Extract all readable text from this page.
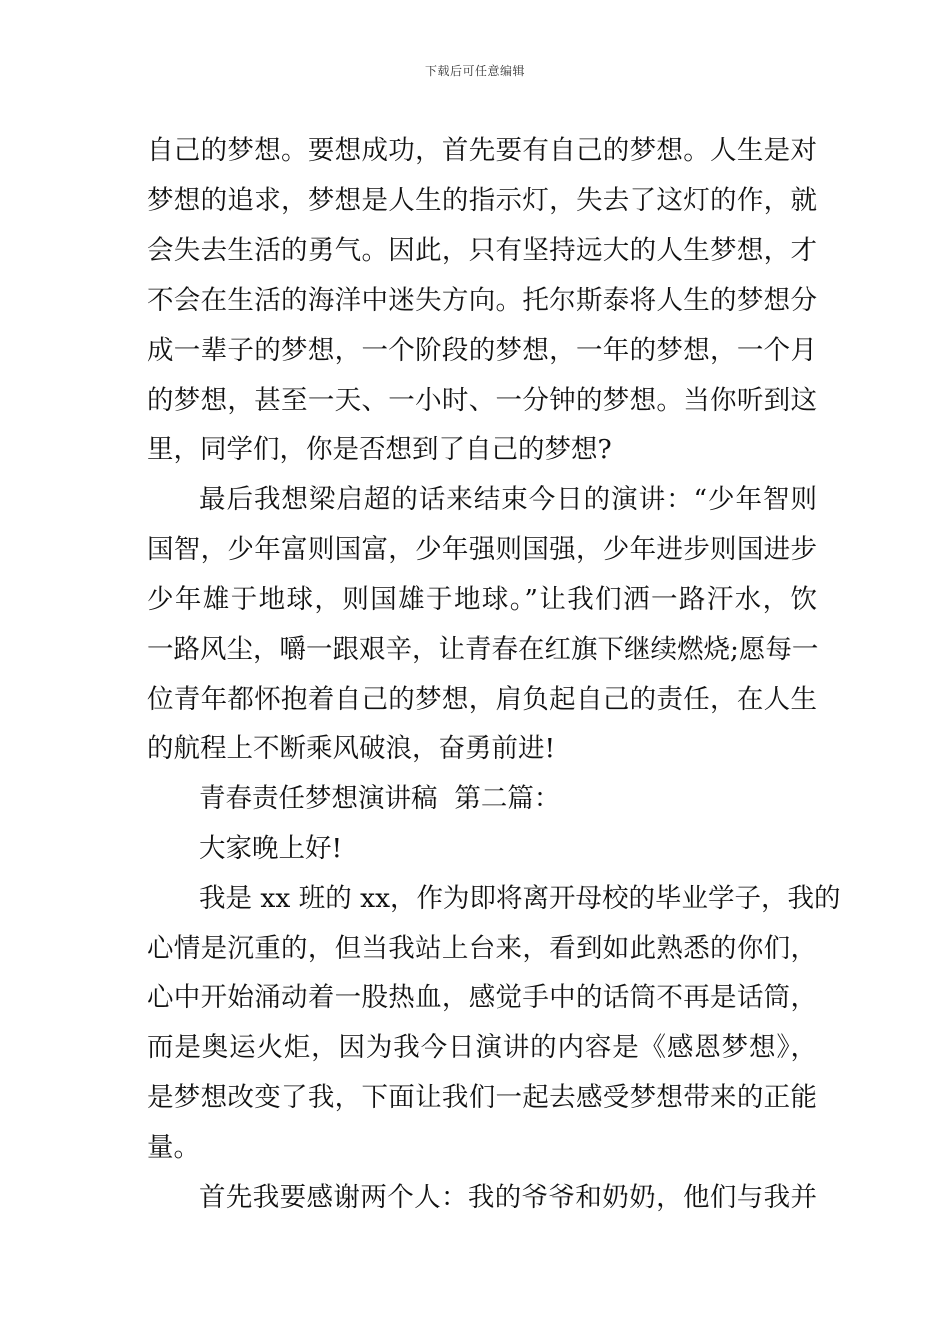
下载后可任意编辑
自己的梦想。要想成功，首先要有自己的梦想。人生是对
梦想的追求，梦想是人生的指示灯，失去了这灯的作，就
会失去生活的勇气。因此，只有坚持远大的人生梦想，才
不会在生活的海洋中迷失方向。托尔斯泰将人生的梦想分
成一辈子的梦想，一个阶段的梦想，一年的梦想，一个月
的梦想，甚至一天、一小时、一分钟的梦想。当你听到这
里，同学们，你是否想到了自己的梦想?
最后我想梁启超的话来结束今日的演讲：“少年智则
国智，少年富则国富，少年强则国强，少年进步则国进步
少年雄于地球，则国雄于地球。”让我们洒一路汗水，饮
一路风尘，嚼一跟艰辛，让青春在红旗下继续燃烧;愿每一
位青年都怀抱着自己的梦想，肩负起自己的责任，在人生
的航程上不断乘风破浪，奋勇前进!
青春责任梦想演讲稿  第二篇：
大家晚上好!
我是 xx 班的 xx，作为即将离开母校的毕业学子，我的
心情是沉重的，但当我站上台来，看到如此熟悉的你们，
心中开始涌动着一股热血，感觉手中的话筒不再是话筒，
而是奥运火炬，因为我今日演讲的内容是《感恩梦想》，
是梦想改变了我，下面让我们一起去感受梦想带来的正能
量。
首先我要感谢两个人：我的爷爷和奶奶，他们与我并
